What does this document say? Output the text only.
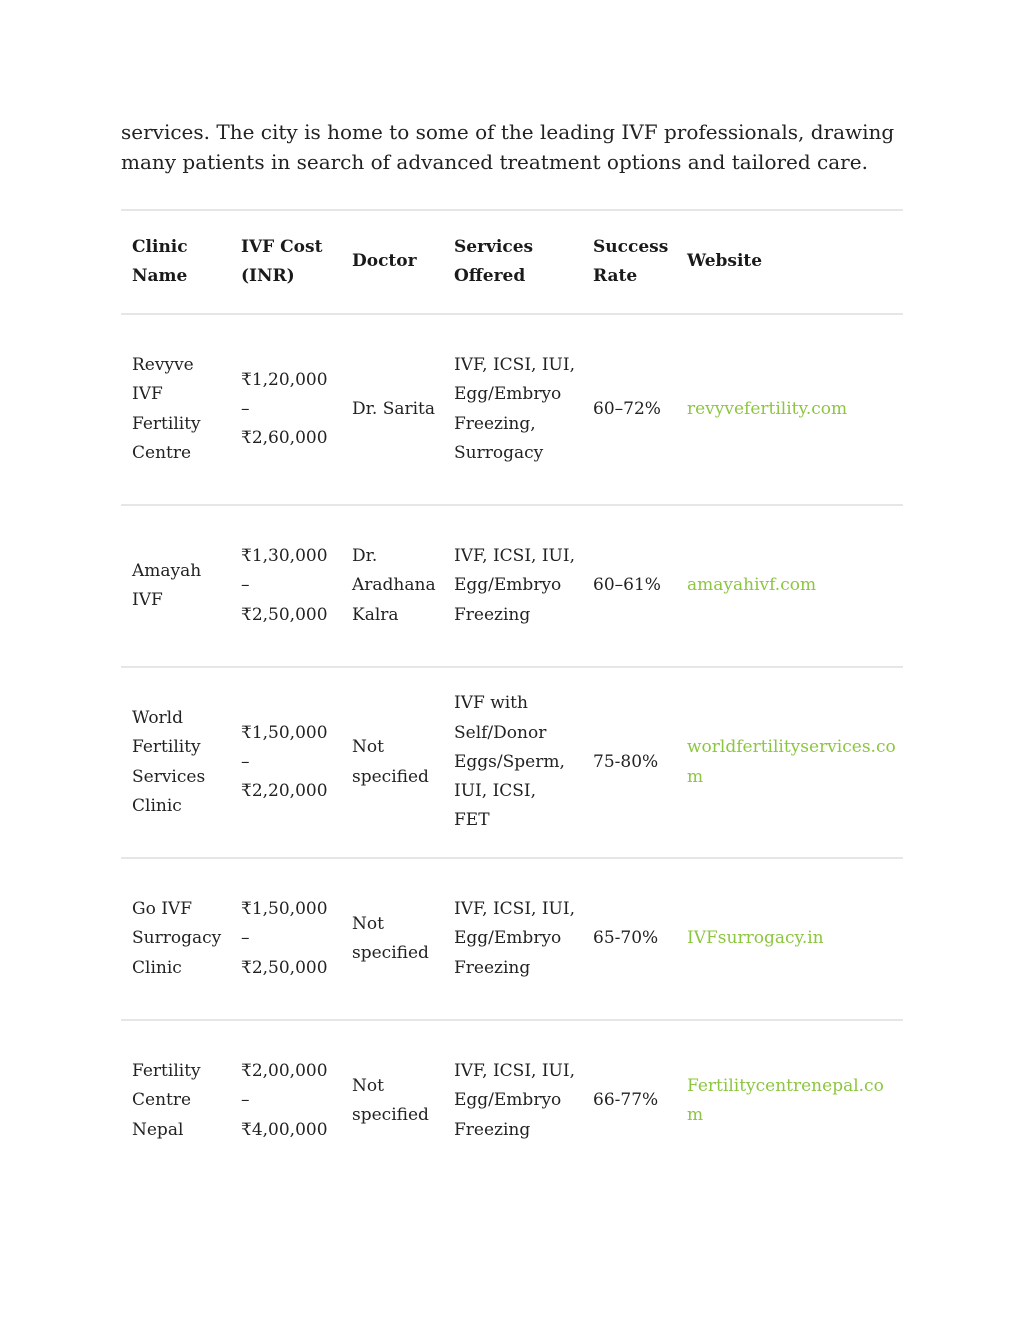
services. The city is home to some of the leading IVF professionals, drawing many patients in search of advanced treatment options and tailored care.

Clinic Name	IVF Cost (INR)	Doctor	Services Offered	Success Rate	Website
Revyve IVF Fertility Centre	₹1,20,000 – ₹2,60,000	Dr. Sarita	IVF, ICSI, IUI, Egg/Embryo Freezing, Surrogacy	60–72%	revyvefertility.com
Amayah IVF	₹1,30,000 – ₹2,50,000	Dr. Aradhana Kalra	IVF, ICSI, IUI, Egg/Embryo Freezing	60–61%	amayahivf.com
World Fertility Services Clinic	₹1,50,000 – ₹2,20,000	Not specified	IVF with Self/Donor Eggs/Sperm, IUI, ICSI, FET	75-80%	worldfertilityservices.com
Go IVF Surrogacy Clinic	₹1,50,000 – ₹2,50,000	Not specified	IVF, ICSI, IUI, Egg/Embryo Freezing	65-70%	IVFsurrogacy.in
Fertility Centre Nepal	₹2,00,000 – ₹4,00,000	Not specified	IVF, ICSI, IUI, Egg/Embryo Freezing	66-77%	Fertilitycentrenepal.com
